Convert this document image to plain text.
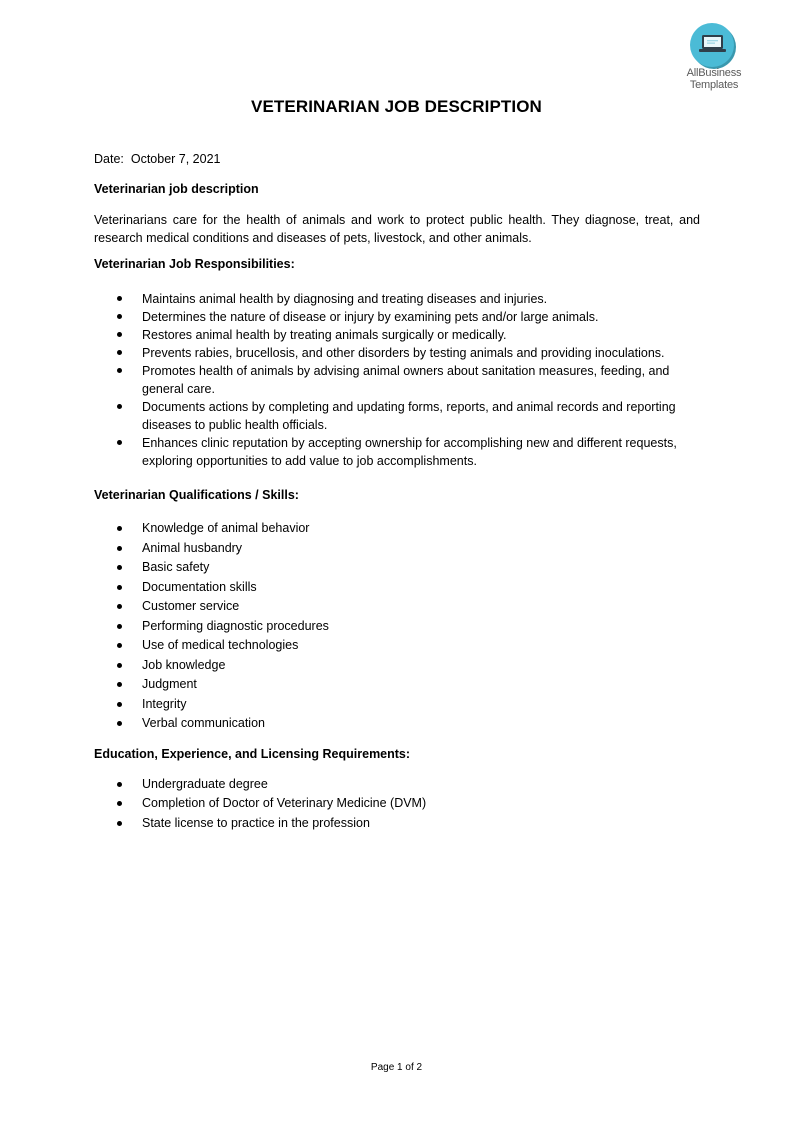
AllBusiness
Templates
VETERINARIAN JOB DESCRIPTION

Date: October 7, 2021

Veterinarian job description

Veterinarians care for the health of animals and work to protect public health. They diagnose, treat, and research medical conditions and diseases of pets, livestock, and other animals.

Veterinarian Job Responsibilities:

Maintains animal health by diagnosing and treating diseases and injuries.
Determines the nature of disease or injury by examining pets and/or large animals.
Restores animal health by treating animals surgically or medically.
Prevents rabies, brucellosis, and other disorders by testing animals and providing inoculations.
Promotes health of animals by advising animal owners about sanitation measures, feeding, and general care.
Documents actions by completing and updating forms, reports, and animal records and reporting diseases to public health officials.
Enhances clinic reputation by accepting ownership for accomplishing new and different requests, exploring opportunities to add value to job accomplishments.

Veterinarian Qualifications / Skills:

Knowledge of animal behavior
Animal husbandry
Basic safety
Documentation skills
Customer service
Performing diagnostic procedures
Use of medical technologies
Job knowledge
Judgment
Integrity
Verbal communication

Education, Experience, and Licensing Requirements:

Undergraduate degree
Completion of Doctor of Veterinary Medicine (DVM)
State license to practice in the profession
Page 1 of 2
